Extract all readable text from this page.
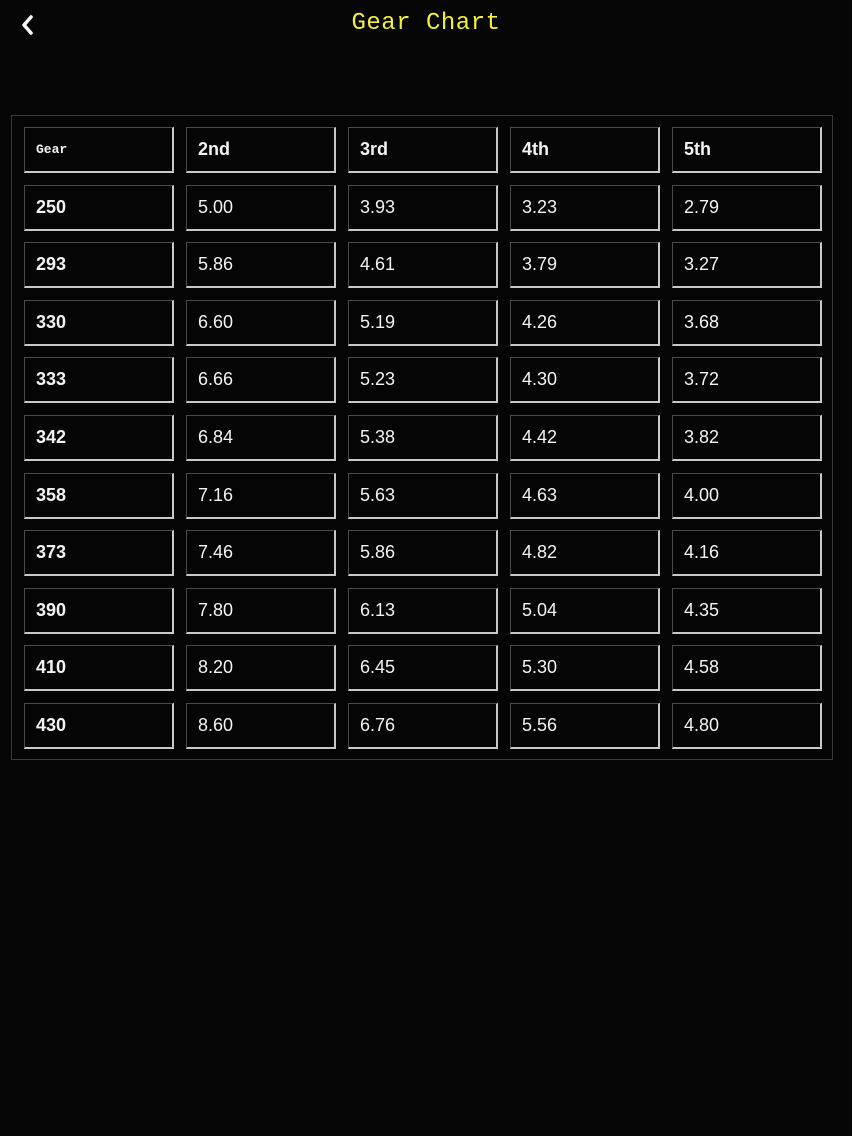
Gear Chart
Gear	2nd	3rd	4th	5th
250	5.00	3.93	3.23	2.79
293	5.86	4.61	3.79	3.27
330	6.60	5.19	4.26	3.68
333	6.66	5.23	4.30	3.72
342	6.84	5.38	4.42	3.82
358	7.16	5.63	4.63	4.00
373	7.46	5.86	4.82	4.16
390	7.80	6.13	5.04	4.35
410	8.20	6.45	5.30	4.58
430	8.60	6.76	5.56	4.80
